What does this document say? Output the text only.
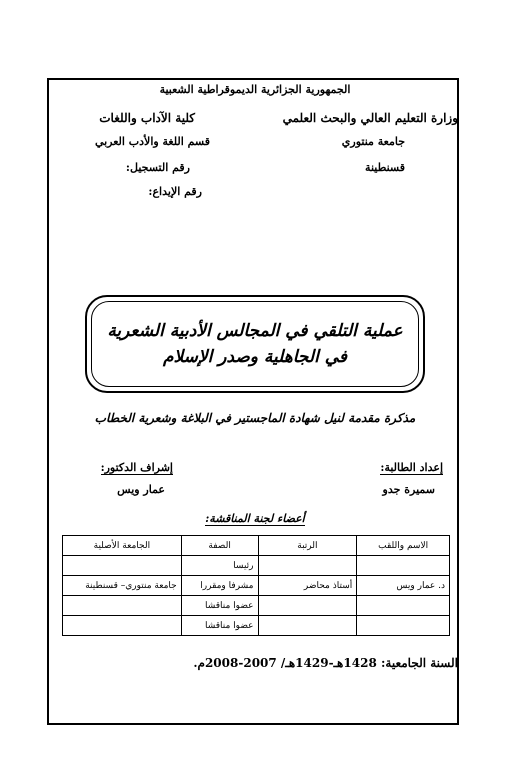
الجمهورية الجزائرية الديموقراطية الشعبية
وزارة التعليم العالي والبحث العلمي
كلية الآداب واللغات
جامعة منتوري
قسم اللغة والأدب العربي
قسنطينة
رقم التسجيل:
رقم الإيداع:
عملية التلقي في المجالس الأدبية الشعرية
في الجاهلية وصدر الإسلام
مذكرة مقدمة لنيل شهادة الماجستير في البلاغة وشعرية الخطاب
إعداد الطالبة:
سميرة جدو
إشراف الدكتور:
عمار ويس
أعضاء لجنة المناقشة:
الاسم واللقب	الرتبة	الصفة	الجامعة الأصلية
		رئيسا	
د. عمار ويس	أستاذ محاضر	مشرفا ومقررا	جامعة منتوري– قسنطينة
		عضوا مناقشا	
		عضوا مناقشا	
السنة الجامعية: 1428هـ-1429هـ/ 2007-2008م.
